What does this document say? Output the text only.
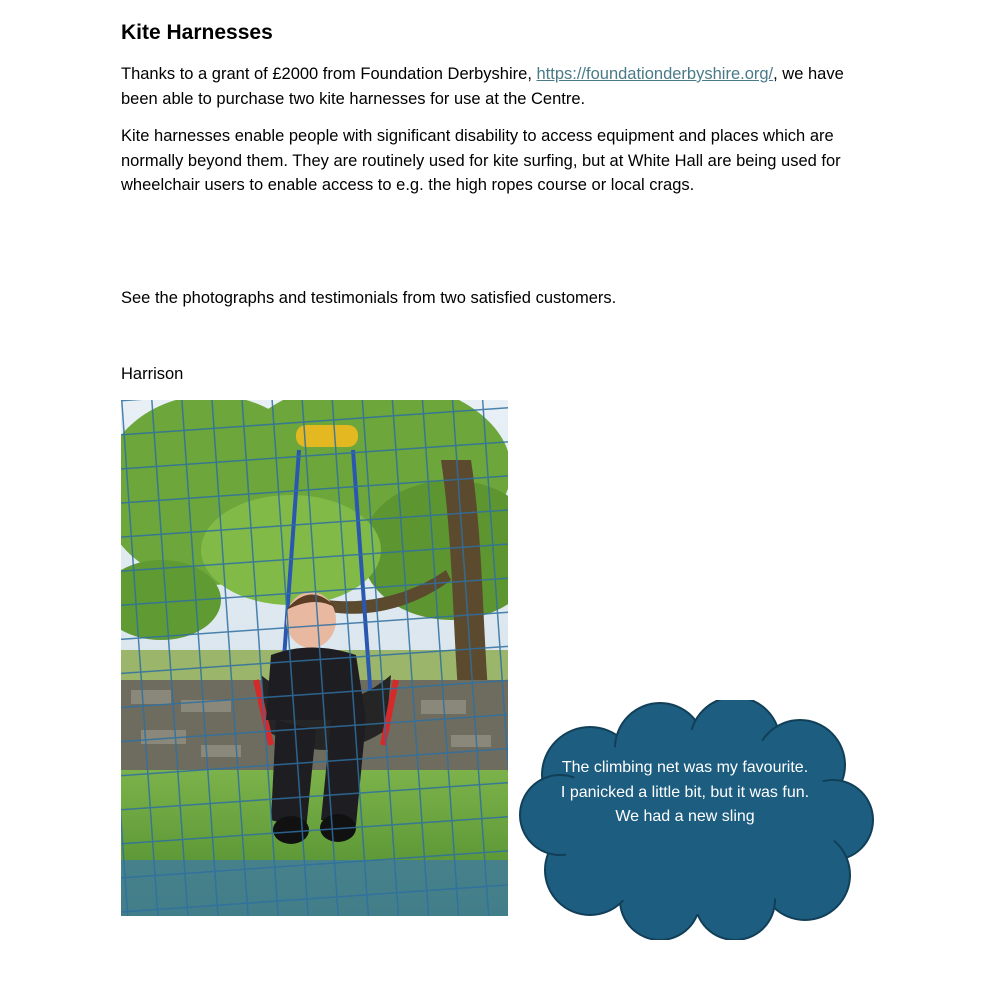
Kite Harnesses

Thanks to a grant of £2000 from Foundation Derbyshire, https://foundationderbyshire.org/, we have been able to purchase two kite harnesses for use at the Centre.

Kite harnesses enable people with significant disability to access equipment and places which are normally beyond them. They are routinely used for kite surfing, but at White Hall are being used for wheelchair users to enable access to e.g. the high ropes course or local crags.

See the photographs and testimonials from two satisfied customers.

Harrison

The climbing net was my favourite. I panicked a little bit, but it was fun. We had a new sling
